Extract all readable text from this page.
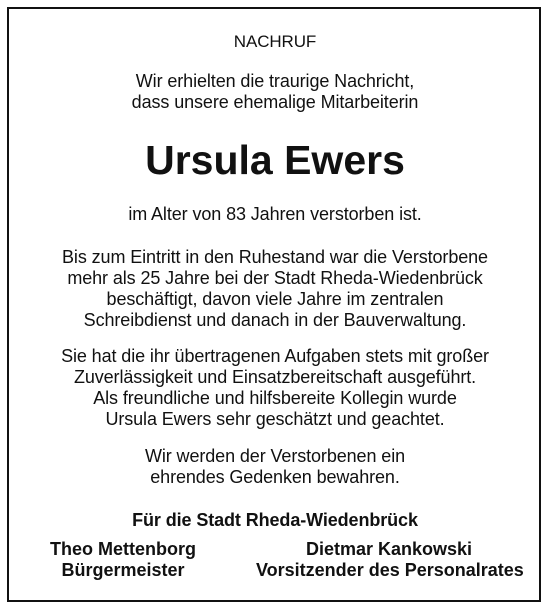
NACHRUF
Wir erhielten die traurige Nachricht,
dass unsere ehemalige Mitarbeiterin
Ursula Ewers
im Alter von 83 Jahren verstorben ist.
Bis zum Eintritt in den Ruhestand war die Verstorbene
mehr als 25 Jahre bei der Stadt Rheda-Wiedenbrück
beschäftigt, davon viele Jahre im zentralen
Schreibdienst und danach in der Bauverwaltung.
Sie hat die ihr übertragenen Aufgaben stets mit großer
Zuverlässigkeit und Einsatzbereitschaft ausgeführt.
Als freundliche und hilfsbereite Kollegin wurde
Ursula Ewers sehr geschätzt und geachtet.
Wir werden der Verstorbenen ein
ehrendes Gedenken bewahren.
Für die Stadt Rheda-Wiedenbrück
Theo Mettenborg
Bürgermeister
Dietmar Kankowski
Vorsitzender des Personalrates
